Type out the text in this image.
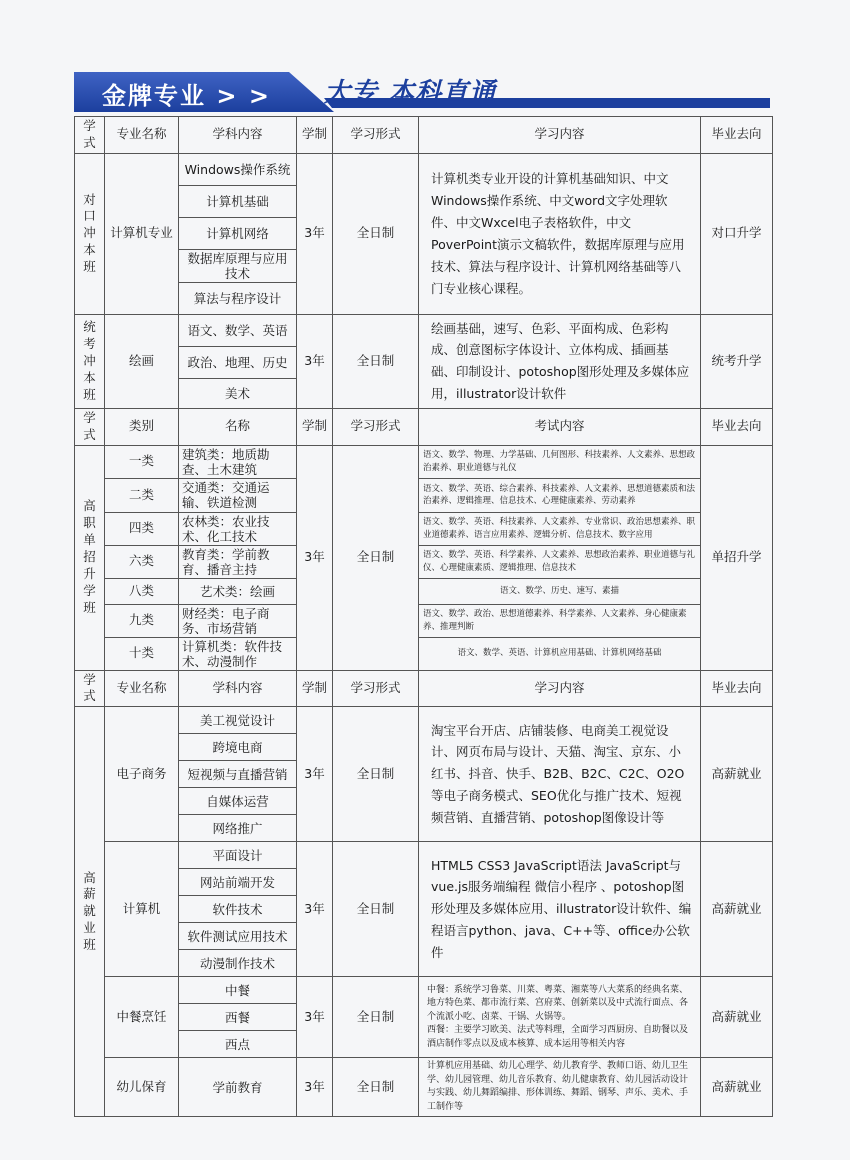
金牌专业 > > 大专 本科直通
学式	专业名称	学科内容	学制	学习形式	学习内容	毕业去向
对口冲本班	计算机专业	Windows操作系统	3年	全日制	计算机类专业开设的计算机基础知识、中文Windows操作系统、中文word文字处理软件、中文Wxcel电子表格软件，中文PoverPoint演示文稿软件，数据库原理与应用技术、算法与程序设计、计算机网络基础等八门专业核心课程。	对口升学
		计算机基础				
		计算机网络				
		数据库原理与应用技术				
		算法与程序设计				
统考冲本班	绘画	语文、数学、英语	3年	全日制	绘画基础，速写、色彩、平面构成、色彩构成、创意图标字体设计、立体构成、插画基础、印制设计、potoshop图形处理及多媒体应用，illustrator设计软件	统考升学
		政治、地理、历史				
		美术				
学式	类别	名称	学制	学习形式	考试内容	毕业去向
高职单招升学班	一类	建筑类：地质勘查、土木建筑	3年	全日制	语文、数学、物理、力学基础、几何图形、科技素养、人文素养、思想政治素养、职业道德与礼仪	单招升学
	二类	交通类：交通运输、铁道检测			语文、数学、英语、综合素养、科技素养、人文素养、思想道德素质和法治素养、逻辑推理、信息技术、心理健康素养、劳动素养	
	四类	农林类：农业技术、化工技术			语文、数学、英语、科技素养、人文素养、专业常识、政治思想素养、职业道德素养、语言应用素养、逻辑分析、信息技术、数字应用	
	六类	教育类：学前教育、播音主持			语文、数学、英语、科学素养、人文素养、思想政治素养、职业道德与礼仪、心理健康素质、逻辑推理、信息技术	
	八类	艺术类：绘画			语文、数学、历史、速写、素描	
	九类	财经类：电子商务、市场营销			语文、数学、政治、思想道德素养、科学素养、人文素养、身心健康素养、推理判断	
	十类	计算机类：软件技术、动漫制作			语文、数学、英语、计算机应用基础、计算机网络基础	
学式	专业名称	学科内容	学制	学习形式	学习内容	毕业去向
高薪就业班	电子商务	美工视觉设计	3年	全日制	淘宝平台开店、店铺装修、电商美工视觉设计、网页布局与设计、天猫、淘宝、京东、小红书、抖音、快手、B2B、B2C、C2C、O2O等电子商务模式、SEO优化与推广技术、短视频营销、直播营销、potoshop图像设计等	高薪就业
		跨境电商				
		短视频与直播营销				
		自媒体运营				
		网络推广				
	计算机	平面设计	3年	全日制	HTML5 CSS3 JavaScript语法 JavaScript与vue.js服务端编程 微信小程序 、potoshop图形处理及多媒体应用、illustrator设计软件、编程语言python、java、C++等、office办公软件	高薪就业
		网站前端开发				
		软件技术				
		软件测试应用技术				
		动漫制作技术				
	中餐烹饪	中餐	3年	全日制	中餐：系统学习鲁菜、川菜、粤菜、湘菜等八大菜系的经典名菜、地方特色菜、都市流行菜、宫府菜、创新菜以及中式流行面点、各个流派小吃、卤菜、干锅、火锅等。
西餐：主要学习欧美、法式等料理，全面学习西厨房、自助餐以及酒店制作零点以及成本核算、成本运用等相关内容	高薪就业
		西餐				
		西点				
	幼儿保育	学前教育	3年	全日制	计算机应用基础、幼儿心理学、幼儿教育学、教师口语、幼儿卫生学、幼儿园管理、幼儿音乐教育、幼儿健康教育、幼儿园活动设计与实践、幼儿舞蹈编排、形体训练、舞蹈、钢琴、声乐、美术、手工制作等	高薪就业
